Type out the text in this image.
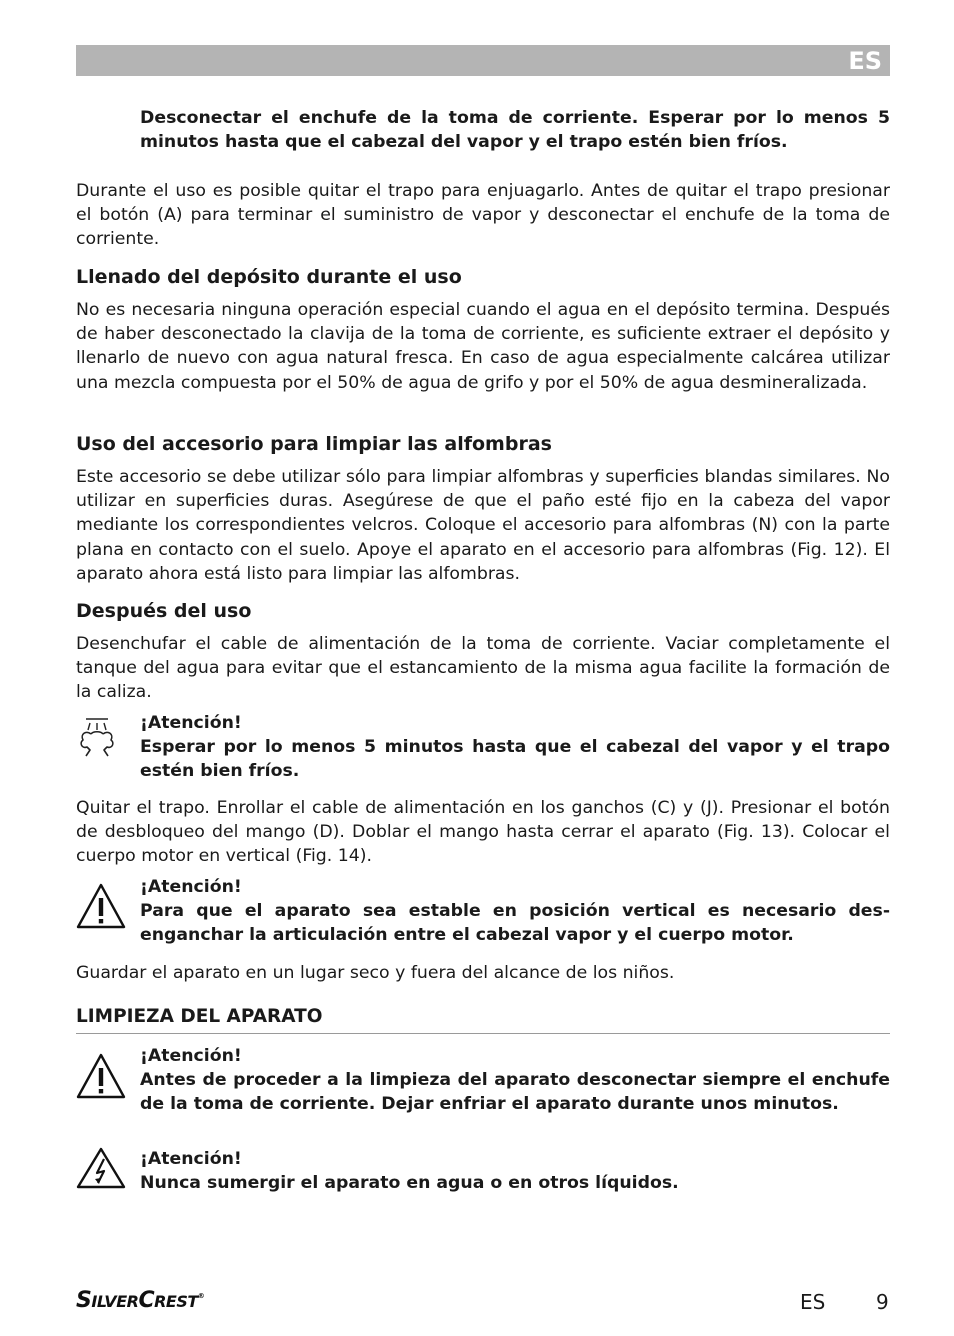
ES

Desconectar el enchufe de la toma de corriente. Esperar por lo menos 5 minutos hasta que el cabezal del vapor y el trapo estén bien fríos.

Durante el uso es posible quitar el trapo para enjuagarlo. Antes de quitar el trapo presionar el botón (A) para terminar el suministro de vapor y desconectar el enchufe de la toma de corriente.

Llenado del depósito durante el uso

No es necesaria ninguna operación especial cuando el agua en el depósito termina. Después de haber desconectado la clavija de la toma de corriente, es suficiente extraer el depósito y llenarlo de nuevo con agua natural fresca. En caso de agua especialmente calcárea utilizar una mezcla compuesta por el 50% de agua de grifo y por el 50% de agua desmineralizada.

Uso del accesorio para limpiar las alfombras

Este accesorio se debe utilizar sólo para limpiar alfombras y superficies blandas similares. No utilizar en superficies duras. Asegúrese de que el paño esté fijo en la cabeza del vapor mediante los correspondientes velcros. Coloque el accesorio para alfombras (N) con la parte plana en contacto con el suelo. Apoye el aparato en el accesorio para alfombras (Fig. 12). El aparato ahora está listo para limpiar las alfombras.

Después del uso

Desenchufar el cable de alimentación de la toma de corriente. Vaciar completamente el tanque del agua para evitar que el estancamiento de la misma agua facilite la formación de la caliza.

¡Atención!

Esperar por lo menos 5 minutos hasta que el cabezal del vapor y el trapo estén bien fríos.

Quitar el trapo. Enrollar el cable de alimentación en los ganchos (C) y (J). Presionar el botón de desbloqueo del mango (D). Doblar el mango hasta cerrar el aparato (Fig. 13). Colocar el cuerpo motor en vertical (Fig. 14).

¡Atención!

Para que el aparato sea estable en posición vertical es necesario des-enganchar la articulación entre el cabezal vapor y el cuerpo motor.

Guardar el aparato en un lugar seco y fuera del alcance de los niños.

LIMPIEZA DEL APARATO

¡Atención!

Antes de proceder a la limpieza del aparato desconectar siempre el enchufe de la toma de corriente. Dejar enfriar el aparato durante unos minutos.

¡Atención!

Nunca sumergir el aparato en agua o en otros líquidos.

SILVERCREST®	ES	9
